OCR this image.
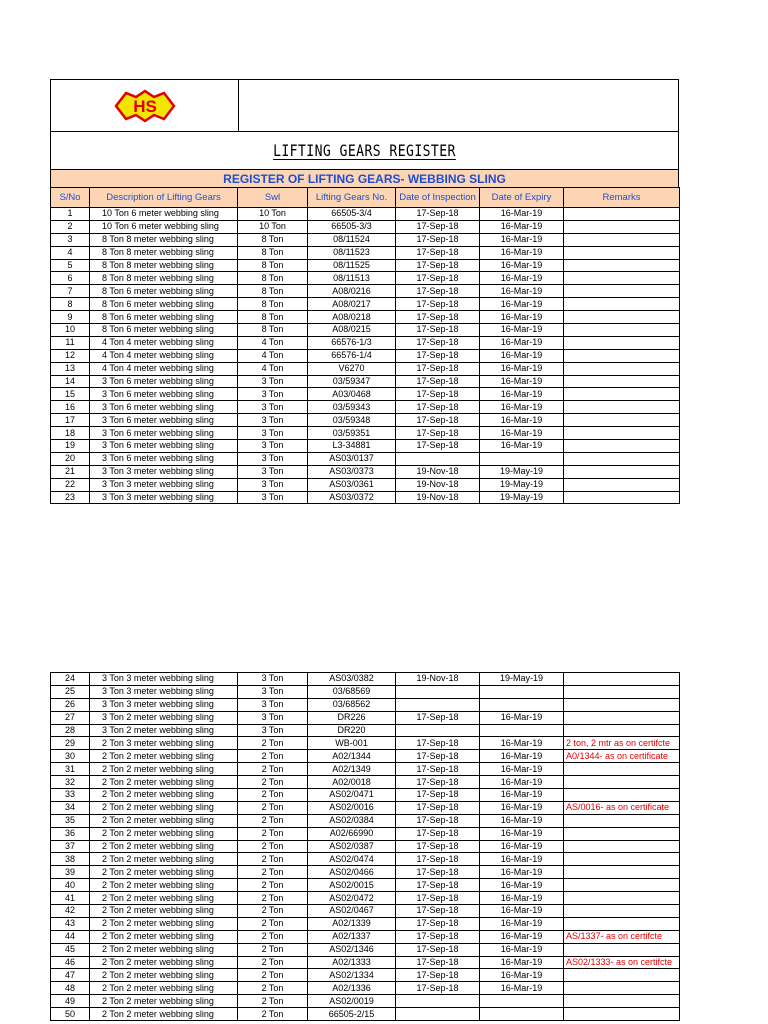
HS
LIFTING GEARS REGISTER
REGISTER OF LIFTING GEARS- WEBBING SLING
S/No	Description of Lifting Gears	Swl	Lifting Gears No.	Date of Inspection	Date of Expiry	Remarks
1	10 Ton 6 meter webbing sling	10 Ton	66505-3/4	17-Sep-18	16-Mar-19	
2	10 Ton 6 meter webbing sling	10 Ton	66505-3/3	17-Sep-18	16-Mar-19	
3	8 Ton 8 meter webbing sling	8 Ton	08/11524	17-Sep-18	16-Mar-19	
4	8 Ton 8 meter webbing sling	8 Ton	08/11523	17-Sep-18	16-Mar-19	
5	8 Ton 8 meter webbing sling	8 Ton	08/11525	17-Sep-18	16-Mar-19	
6	8 Ton 8 meter webbing sling	8 Ton	08/11513	17-Sep-18	16-Mar-19	
7	8 Ton 6 meter webbing sling	8 Ton	A08/0216	17-Sep-18	16-Mar-19	
8	8 Ton 6 meter webbing sling	8 Ton	A08/0217	17-Sep-18	16-Mar-19	
9	8 Ton 6 meter webbing sling	8 Ton	A08/0218	17-Sep-18	16-Mar-19	
10	8 Ton 6 meter webbing sling	8 Ton	A08/0215	17-Sep-18	16-Mar-19	
11	4 Ton 4 meter webbing sling	4 Ton	66576-1/3	17-Sep-18	16-Mar-19	
12	4 Ton 4 meter webbing sling	4 Ton	66576-1/4	17-Sep-18	16-Mar-19	
13	4 Ton 4 meter webbing sling	4 Ton	V6270	17-Sep-18	16-Mar-19	
14	3 Ton 6 meter webbing sling	3 Ton	03/59347	17-Sep-18	16-Mar-19	
15	3 Ton 6 meter webbing sling	3 Ton	A03/0468	17-Sep-18	16-Mar-19	
16	3 Ton 6 meter webbing sling	3 Ton	03/59343	17-Sep-18	16-Mar-19	
17	3 Ton 6 meter webbing sling	3 Ton	03/59348	17-Sep-18	16-Mar-19	
18	3 Ton 6 meter webbing sling	3 Ton	03/59351	17-Sep-18	16-Mar-19	
19	3 Ton 6 meter webbing sling	3 Ton	L3-34881	17-Sep-18	16-Mar-19	
20	3 Ton 6 meter webbing sling	3 Ton	AS03/0137			
21	3 Ton 3 meter webbing sling	3 Ton	AS03/0373	19-Nov-18	19-May-19	
22	3 Ton 3 meter webbing sling	3 Ton	AS03/0361	19-Nov-18	19-May-19	
23	3 Ton 3 meter webbing sling	3 Ton	AS03/0372	19-Nov-18	19-May-19	
24	3 Ton 3 meter webbing sling	3 Ton	AS03/0382	19-Nov-18	19-May-19	
25	3 Ton 3 meter webbing sling	3 Ton	03/68569			
26	3 Ton 3 meter webbing sling	3 Ton	03/68562			
27	3 Ton 2 meter webbing sling	3 Ton	DR226	17-Sep-18	16-Mar-19	
28	3 Ton 2 meter webbing sling	3 Ton	DR220			
29	2 Ton 3 meter webbing sling	2 Ton	WB-001	17-Sep-18	16-Mar-19	2 ton, 2 mtr as on certifcte
30	2 Ton 2 meter webbing sling	2 Ton	A02/1344	17-Sep-18	16-Mar-19	A0/1344- as on certificate
31	2 Ton 2 meter webbing sling	2 Ton	A02/1349	17-Sep-18	16-Mar-19	
32	2 Ton 2 meter webbing sling	2 Ton	A02/0018	17-Sep-18	16-Mar-19	
33	2 Ton 2 meter webbing sling	2 Ton	AS02/0471	17-Sep-18	16-Mar-19	
34	2 Ton 2 meter webbing sling	2 Ton	AS02/0016	17-Sep-18	16-Mar-19	AS/0016- as on certificate
35	2 Ton 2 meter webbing sling	2 Ton	AS02/0384	17-Sep-18	16-Mar-19	
36	2 Ton 2 meter webbing sling	2 Ton	A02/66990	17-Sep-18	16-Mar-19	
37	2 Ton 2 meter webbing sling	2 Ton	AS02/0387	17-Sep-18	16-Mar-19	
38	2 Ton 2 meter webbing sling	2 Ton	AS02/0474	17-Sep-18	16-Mar-19	
39	2 Ton 2 meter webbing sling	2 Ton	AS02/0466	17-Sep-18	16-Mar-19	
40	2 Ton 2 meter webbing sling	2 Ton	AS02/0015	17-Sep-18	16-Mar-19	
41	2 Ton 2 meter webbing sling	2 Ton	AS02/0472	17-Sep-18	16-Mar-19	
42	2 Ton 2 meter webbing sling	2 Ton	AS02/0467	17-Sep-18	16-Mar-19	
43	2 Ton 2 meter webbing sling	2 Ton	A02/1339	17-Sep-18	16-Mar-19	
44	2 Ton 2 meter webbing sling	2 Ton	A02/1337	17-Sep-18	16-Mar-19	AS/1337- as on certifcte
45	2 Ton 2 meter webbing sling	2 Ton	AS02/1346	17-Sep-18	16-Mar-19	
46	2 Ton 2 meter webbing sling	2 Ton	A02/1333	17-Sep-18	16-Mar-19	AS02/1333- as on certifcte
47	2 Ton 2 meter webbing sling	2 Ton	AS02/1334	17-Sep-18	16-Mar-19	
48	2 Ton 2 meter webbing sling	2 Ton	A02/1336	17-Sep-18	16-Mar-19	
49	2 Ton 2 meter webbing sling	2 Ton	AS02/0019			
50	2 Ton 2 meter webbing sling	2 Ton	66505-2/15			
